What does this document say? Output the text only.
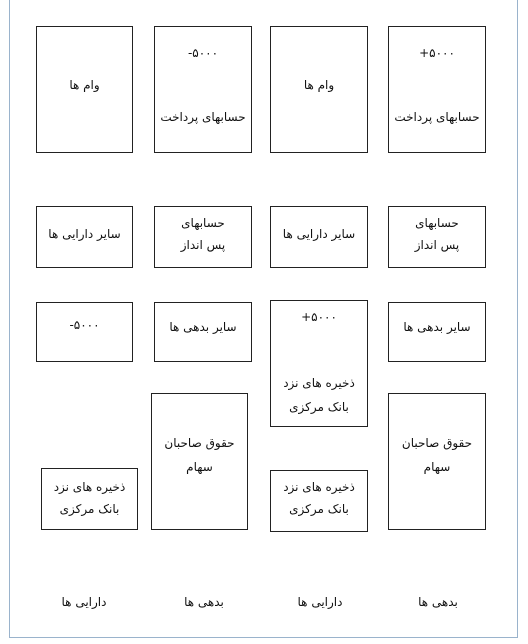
وام ها
سایر دارایی ها
-۵۰۰۰
ذخیره های نزد
بانک مرکزی
دارایی ها
-۵۰۰۰
حسابهای پرداخت
حسابهای
پس انداز
سایر بدهی ها
حقوق صاحبان
سهام
بدهی ها
وام ها
سایر دارایی ها
+۵۰۰۰
ذخیره های نزد
بانک مرکزی
ذخیره های نزد
بانک مرکزی
دارایی ها
+۵۰۰۰
حسابهای پرداخت
حسابهای
پس انداز
سایر بدهی ها
حقوق صاحبان
سهام
بدهی ها
